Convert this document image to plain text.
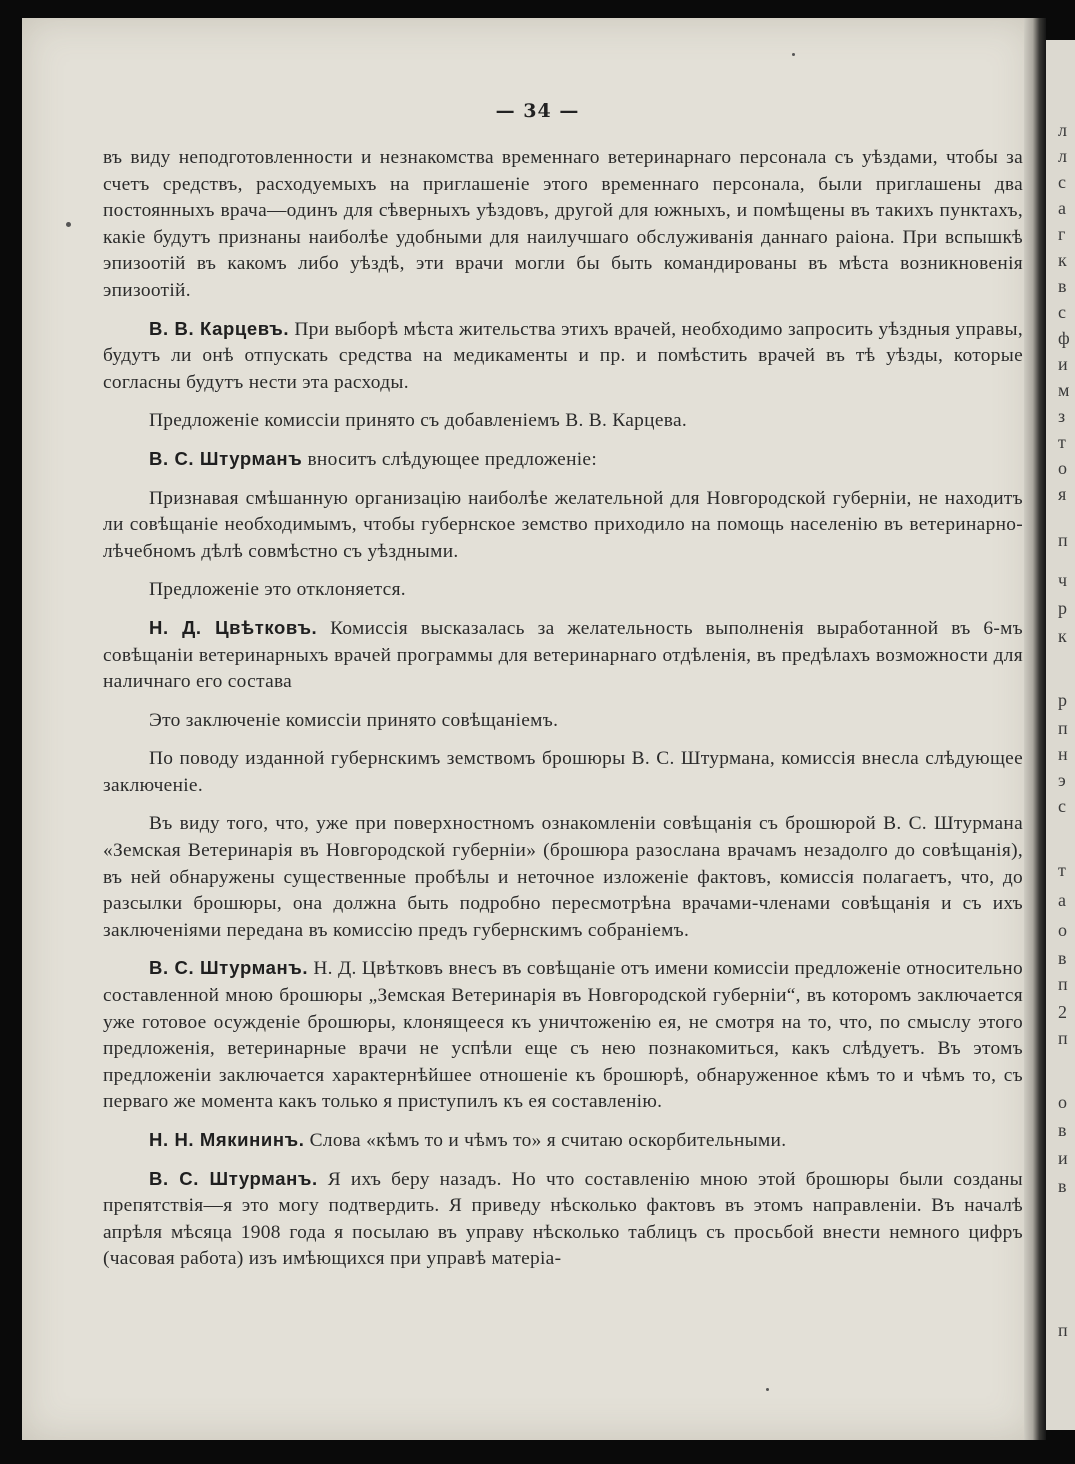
л
л
с
а
г
к
в
с
ф
и
м
з
т
о
я
п
ч
р
к
р
п
н
э
с
т
а
о
в
п
2
п
о
в
и
в
п
— 34 —

въ виду неподготовленности и незнакомства временнаго ветеринарнаго персонала съ уѣздами, чтобы за счетъ средствъ, расходуемыхъ на приглашеніе этого временнаго персонала, были приглашены два постоянныхъ врача—одинъ для сѣверныхъ уѣздовъ, другой для южныхъ, и помѣщены въ такихъ пунктахъ, какіе будутъ признаны наиболѣе удобными для наилучшаго обслуживанія даннаго раіона. При вспышкѣ эпизоотій въ какомъ либо уѣздѣ, эти врачи могли бы быть командированы въ мѣста возникновенія эпизоотій.

В. В. Карцевъ. При выборѣ мѣста жительства этихъ врачей, необходимо запросить уѣздныя управы, будутъ ли онѣ отпускать средства на медикаменты и пр. и помѣстить врачей въ тѣ уѣзды, которые согласны будутъ нести эта расходы.

Предложеніе комиссіи принято съ добавленіемъ В. В. Карцева.

В. С. Штурманъ вноситъ слѣдующее предложеніе:

Признавая смѣшанную организацію наиболѣе желательной для Новгородской губерніи, не находитъ ли совѣщаніе необходимымъ, чтобы губернское земство приходило на помощь населенію въ ветеринарно-лѣчебномъ дѣлѣ совмѣстно съ уѣздными.

Предложеніе это отклоняется.

Н. Д. Цвѣтковъ. Комиссія высказалась за желательность выполненія выработанной въ 6-мъ совѣщаніи ветеринарныхъ врачей программы для ветеринарнаго отдѣленія, въ предѣлахъ возможности для наличнаго его состава

Это заключеніе комиссіи принято совѣщаніемъ.

По поводу изданной губернскимъ земствомъ брошюры В. С. Штурмана, комиссія внесла слѣдующее заключеніе.

Въ виду того, что, уже при поверхностномъ ознакомленіи совѣщанія съ брошюрой В. С. Штурмана «Земская Ветеринарія въ Новгородской губерніи» (брошюра разослана врачамъ незадолго до совѣщанія), въ ней обнаружены существенные пробѣлы и неточное изложеніе фактовъ, комиссія полагаетъ, что, до разсылки брошюры, она должна быть подробно пересмотрѣна врачами-членами совѣщанія и съ ихъ заключеніями передана въ комиссію предъ губернскимъ собраніемъ.

В. С. Штурманъ. Н. Д. Цвѣтковъ внесъ въ совѣщаніе отъ имени комиссіи предложеніе относительно составленной мною брошюры „Земская Ветеринарія въ Новгородской губерніи“, въ которомъ заключается уже готовое осужденіе брошюры, клонящееся къ уничтоженію ея, не смотря на то, что, по смыслу этого предложенія, ветеринарные врачи не успѣли еще съ нею познакомиться, какъ слѣдуетъ. Въ этомъ предложеніи заключается характернѣйшее отношеніе къ брошюрѣ, обнаруженное кѣмъ то и чѣмъ то, съ перваго же момента какъ только я приступилъ къ ея составленію.

Н. Н. Мякининъ. Слова «кѣмъ то и чѣмъ то» я считаю оскорбительными.

В. С. Штурманъ. Я ихъ беру назадъ. Но что составленію мною этой брошюры были созданы препятствія—я это могу подтвердить. Я приведу нѣсколько фактовъ въ этомъ направленіи. Въ началѣ апрѣля мѣсяца 1908 года я посылаю въ управу нѣсколько таблицъ съ просьбой внести немного цифръ (часовая работа) изъ имѣющихся при управѣ матеріа-
